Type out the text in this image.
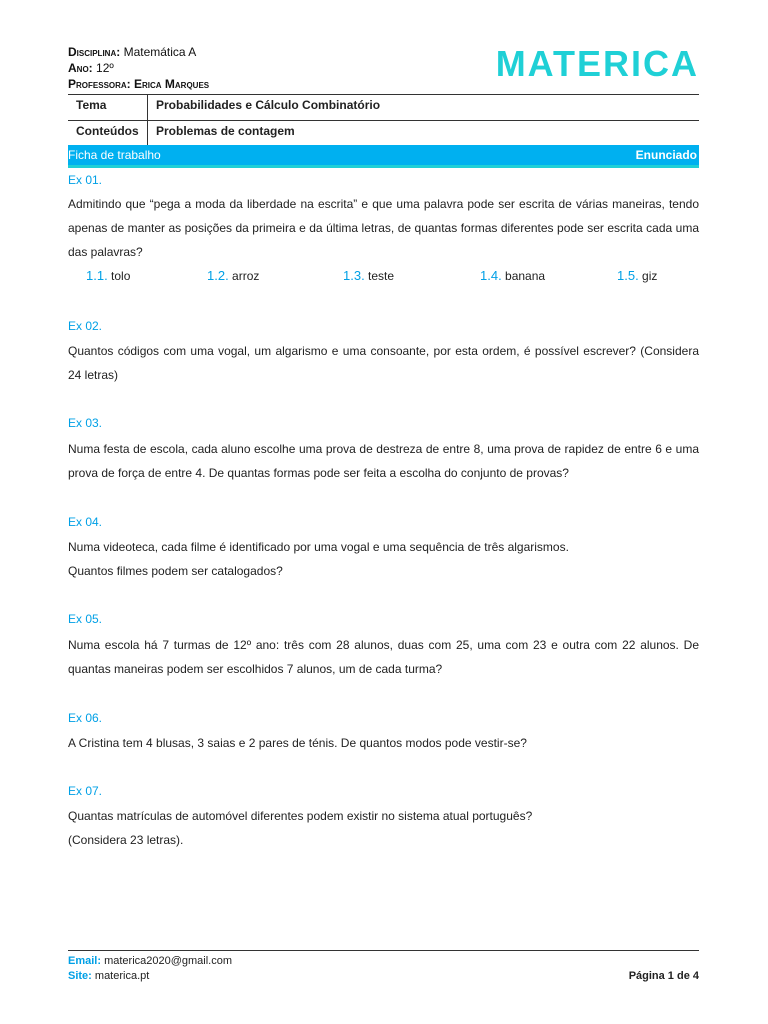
Disciplina: Matemática A
Ano: 12º
Professora: Erica Marques	MATERICA
Tema	Probabilidades e Cálculo Combinatório
Conteúdos	Problemas de contagem
Ficha de trabalho	Enunciado
Ex 01.
Admitindo que “pega a moda da liberdade na escrita” e que uma palavra pode ser escrita de várias maneiras, tendo apenas de manter as posições da primeira e da última letras, de quantas formas diferentes pode ser escrita cada uma das palavras?
1.1. tolo	1.2. arroz	1.3. teste	1.4. banana	1.5. giz
Ex 02.
Quantos códigos com uma vogal, um algarismo e uma consoante, por esta ordem, é possível escrever? (Considera 24 letras)
Ex 03.
Numa festa de escola, cada aluno escolhe uma prova de destreza de entre 8, uma prova de rapidez de entre 6 e uma prova de força de entre 4. De quantas formas pode ser feita a escolha do conjunto de provas?
Ex 04.
Numa videoteca, cada filme é identificado por uma vogal e uma sequência de três algarismos.
Quantos filmes podem ser catalogados?
Ex 05.
Numa escola há 7 turmas de 12º ano: três com 28 alunos, duas com 25, uma com 23 e outra com 22 alunos. De quantas maneiras podem ser escolhidos 7 alunos, um de cada turma?
Ex 06.
A Cristina tem 4 blusas, 3 saias e 2 pares de ténis. De quantos modos pode vestir-se?
Ex 07.
Quantas matrículas de automóvel diferentes podem existir no sistema atual português?
(Considera 23 letras).
Email: materica2020@gmail.com
Site: materica.pt	Página 1 de 4
